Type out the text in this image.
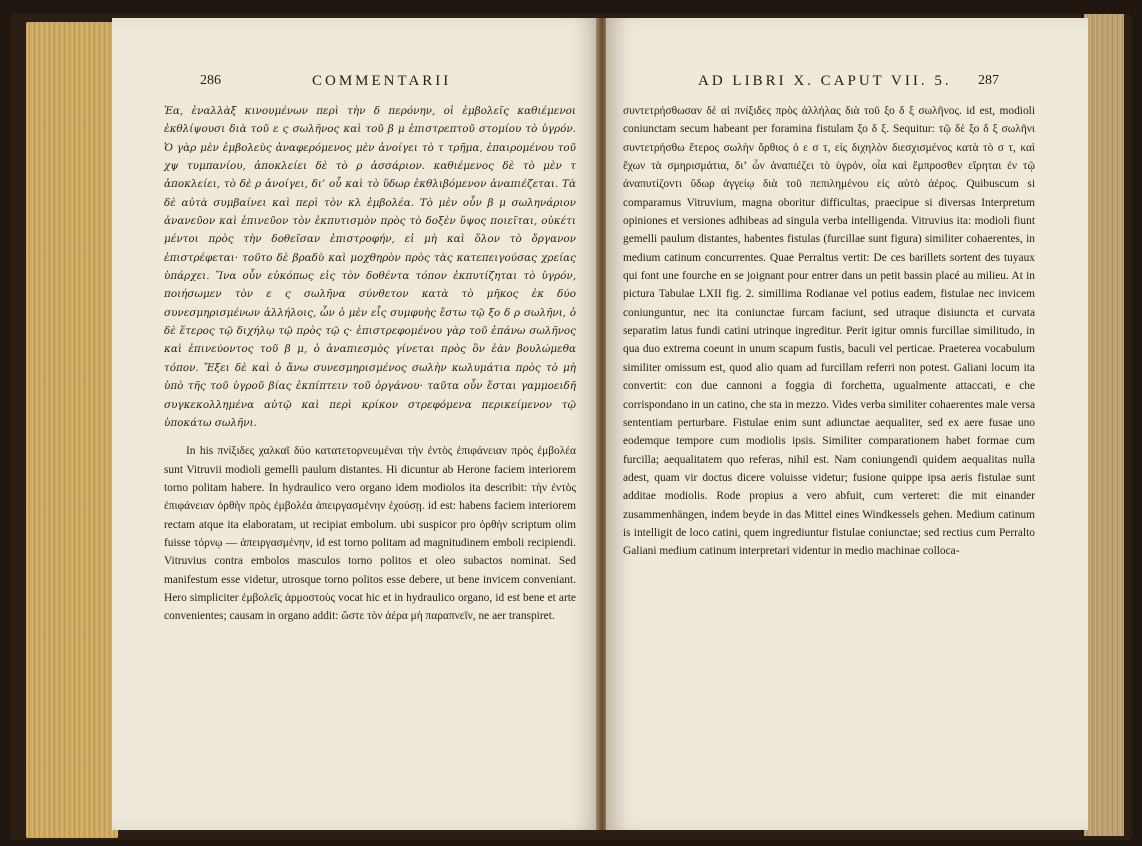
286	COMMENTARII

Ἐα, ἑναλλὰξ κινουμένων περὶ τὴν δ περόνην, οἱ ἐμβολεῖς καθιέμενοι ἐκθλίψουσι διὰ τοῦ ε ς σωλῆνος καὶ τοῦ β μ ἐπιστρεπτοῦ στομίου τὸ ὑγρόν. Ὁ γὰρ μὲν ἐμβολεὺς ἀναφερόμενος μὲν ἀνοίγει τὸ τ τρῆμα, ἐπαιρομένου τοῦ χψ τυμπανίου, ἀποκλείει δὲ τὸ ρ ἀσσάριον. καθιέμενος δὲ τὸ μὲν τ ἀποκλείει, τὸ δὲ ρ ἀνοίγει, δι’ οὗ καὶ τὸ ὕδωρ ἐκθλιβόμενον ἀναπιέζεται. Τὰ δὲ αὐτὰ συμβαίνει καὶ περὶ τὸν κλ ἐμβολέα. Τὸ μὲν οὖν β μ σωληνάριον ἀνανεῦον καὶ ἐπινεῦον τὸν ἐκπυτισμὸν πρὸς τὸ δοξὲν ὕψος ποιεῖται, οὐκέτι μέντοι πρὸς τὴν δοθεῖσαν ἐπιστροφήν, εἰ μὴ καὶ ὅλον τὸ ὄργανον ἐπιστρέφεται· τοῦτο δὲ βραδὺ καὶ μοχθηρὸν πρὸς τὰς κατεπειγούσας χρείας ὑπάρχει. Ἵνα οὖν εὐκόπως εἰς τὸν δοθέντα τόπον ἐκπυτίζηται τὸ ὑγρόν, ποιήσωμεν τὸν ε ς σωλῆνα σύνθετον κατὰ τὸ μῆκος ἐκ δύο συνεσμηρισμένων ἀλλήλοις, ὧν ὁ μὲν εἷς συμφυὴς ἔστω τῷ ξο δ ρ σωλῆνι, ὁ δὲ ἕτερος τῷ διχήλῳ τῷ πρὸς τῷ ς· ἐπιστρεφομένου γὰρ τοῦ ἐπάνω σωλῆνος καὶ ἐπινεύοντος τοῦ β μ, ὁ ἀναπιεσμὸς γίνεται πρὸς ὃν ἐὰν βουλώμεθα τόπον. Ἔξει δὲ καὶ ὁ ἄνω συνεσμηρισμένος σωλὴν κωλυμάτια πρὸς τὸ μὴ ὑπὸ τῆς τοῦ ὑγροῦ βίας ἐκπίπτειν τοῦ ὀργάνου· ταῦτα οὖν ἔσται γαμμοειδῆ συγκεκολλημένα αὐτῷ καὶ περὶ κρίκον στρεφόμενα περικείμενον τῷ ὑποκάτω σωλῆνι.

In his πνίξιδες χαλκαῖ δύο κατατετορνευμέναι τὴν ἐντὸς ἐπιφάνειαν πρὸς ἐμβολέα sunt Vitruvii modioli gemelli paulum distantes. Hi dicuntur ab Herone faciem interiorem torno politam habere. In hydraulico vero organo idem modiolos ita describit: τὴν ἐντὸς ἐπιφάνειαν ὀρθὴν πρὸς ἐμβολέα ἀπειργασμένην ἐχούσῃ. id est: habens faciem interiorem rectam atque ita elaboratam, ut recipiat embolum. ubi suspicor pro ὀρθὴν scriptum olim fuisse τόρνῳ — ἀπειργασμένην, id est torno politam ad magnitudinem emboli recipiendi. Vitruvius contra embolos masculos torno politos et oleo subactos nominat. Sed manifestum esse videtur, utrosque torno politos esse debere, ut bene invicem conveniant. Hero simpliciter ἐμβολεῖς ἁρμοστοὺς vocat hic et in hydraulico organo, id est bene et arte convenientes; causam in organo addit: ὥστε τὸν ἀέρα μὴ παραπνεῖν, ne aer transpiret.

AD LIBRI X. CAPUT VII. 5. 287

συντετρήσθωσαν δὲ αἱ πνίξιδες πρὸς ἀλλήλας διὰ τοῦ ξο δ ξ σωλῆνος. id est, modioli coniunctam secum habeant per foramina fistulam ξο δ ξ. Sequitur: τῷ δὲ ξο δ ξ σωλῆνι συντετρήσθω ἕτερος σωλὴν ὄρθιος ὁ ε σ τ, εἰς διχηλὸν διεσχισμένος κατὰ τὸ σ τ, καὶ ἔχων τὰ σμηρισμάτια, δι’ ὧν ἀναπιέζει τὸ ὑγρόν, οἷα καὶ ἔμπροσθεν εἴρηται ἐν τῷ ἀναπυτίζοντι ὕδωρ ἀγγείῳ διὰ τοῦ πεπιλημένου εἰς αὐτὸ ἀέρος. Quibuscum si comparamus Vitruvium, magna oboritur difficultas, praecipue si diversas Interpretum opiniones et versiones adhibeas ad singula verba intelligenda. Vitruvius ita: modioli fiunt gemelli paulum distantes, habentes fistulas (furcillae sunt figura) similiter cohaerentes, in medium catinum concurrentes. Quae Perraltus vertit: De ces barillets sortent des tuyaux qui font une fourche en se joignant pour entrer dans un petit bassin placé au milieu. At in pictura Tabulae LXII fig. 2. simillima Rodianae vel potius eadem, fistulae nec invicem coniunguntur, nec ita coniunctae furcam faciunt, sed utraque disiuncta et curvata separatim latus fundi catini utrinque ingreditur. Perit igitur omnis furcillae similitudo, in qua duo extrema coeunt in unum scapum fustis, baculi vel perticae. Praeterea vocabulum similiter omissum est, quod alio quam ad furcillam referri non potest. Galiani locum ita convertit: con due cannoni a foggia di forchetta, ugualmente attaccati, e che corrispondano in un catino, che sta in mezzo. Vides verba similiter cohaerentes male versa sententiam perturbare. Fistulae enim sunt adiunctae aequaliter, sed ex aere fusae uno eodemque tempore cum modiolis ipsis. Similiter comparationem habet formae cum furcilla; aequalitatem quo referas, nihil est. Nam coniungendi quidem aequalitas nulla adest, quam vir doctus dicere voluisse videtur; fusione quippe ipsa aeris fistulae sunt additae modiolis. Rode propius a vero abfuit, cum verteret: die mit einander zusammenhängen, indem beyde in das Mittel eines Windkessels gehen. Medium catinum is intelligit de loco catini, quem ingrediuntur fistulae coniunctae; sed rectius cum Perralto Galiani medium catinum interpretari videntur in medio machinae colloca-
